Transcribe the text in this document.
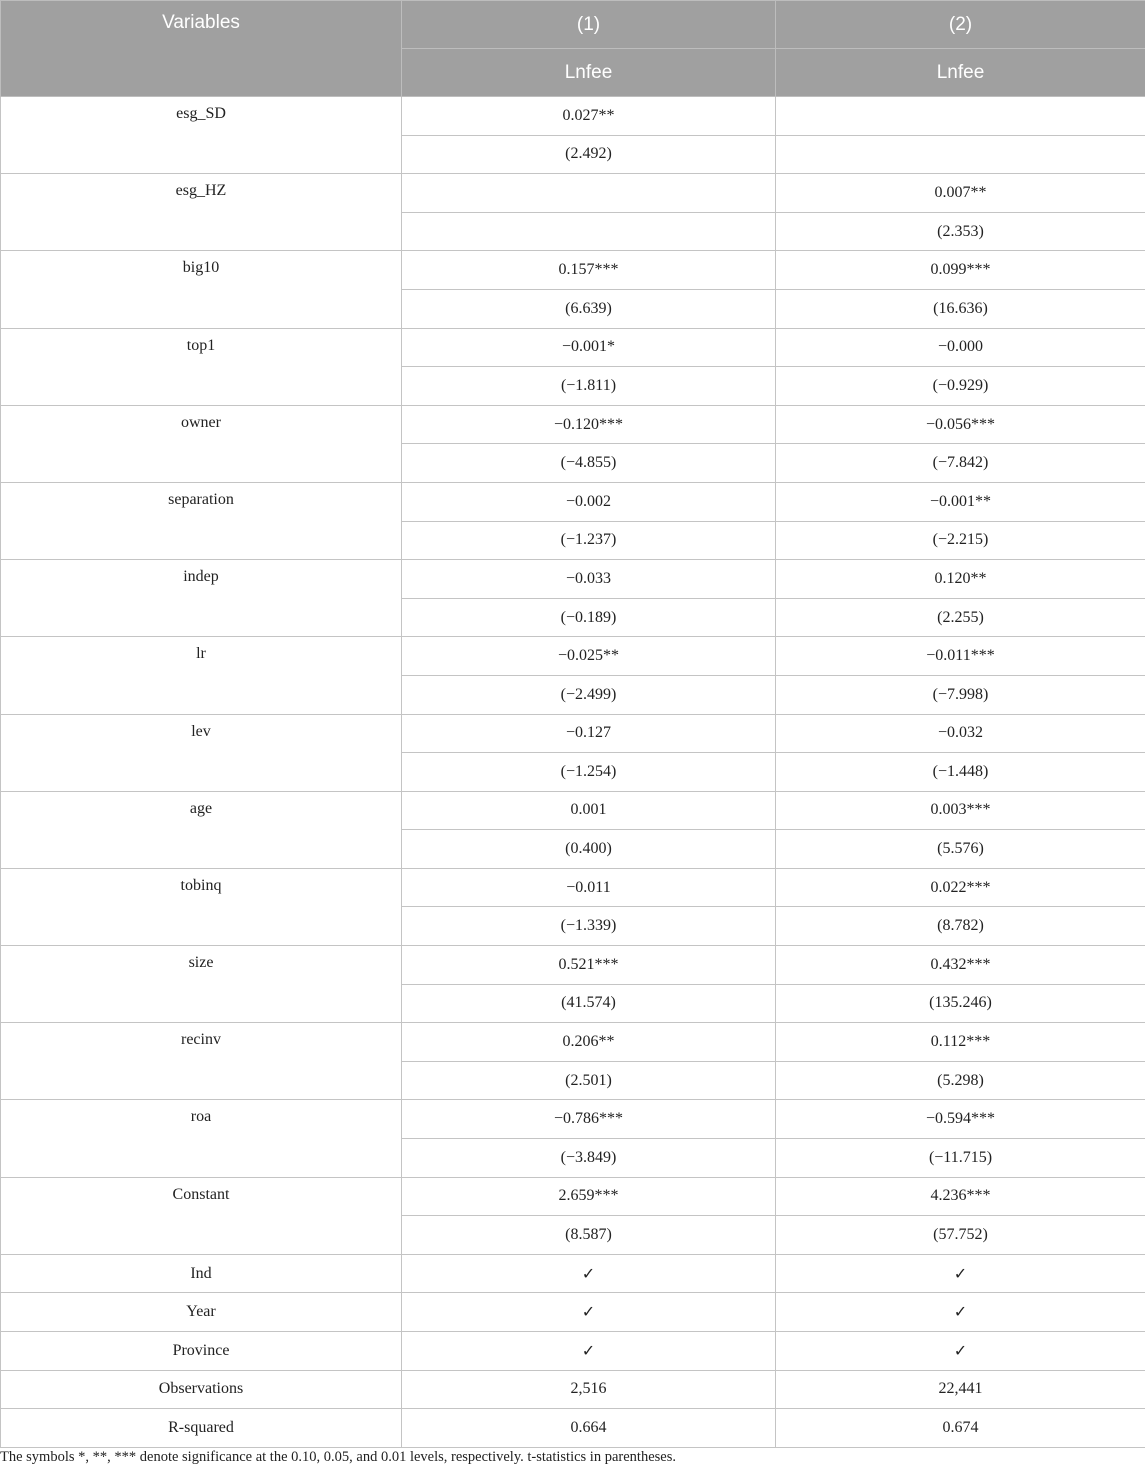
Variables	(1)	(2)
	Lnfee	Lnfee
esg_SD	0.027**	
	(2.492)	
esg_HZ		0.007**
		(2.353)
big10	0.157***	0.099***
	(6.639)	(16.636)
top1	−0.001*	−0.000
	(−1.811)	(−0.929)
owner	−0.120***	−0.056***
	(−4.855)	(−7.842)
separation	−0.002	−0.001**
	(−1.237)	(−2.215)
indep	−0.033	0.120**
	(−0.189)	(2.255)
lr	−0.025**	−0.011***
	(−2.499)	(−7.998)
lev	−0.127	−0.032
	(−1.254)	(−1.448)
age	0.001	0.003***
	(0.400)	(5.576)
tobinq	−0.011	0.022***
	(−1.339)	(8.782)
size	0.521***	0.432***
	(41.574)	(135.246)
recinv	0.206**	0.112***
	(2.501)	(5.298)
roa	−0.786***	−0.594***
	(−3.849)	(−11.715)
Constant	2.659***	4.236***
	(8.587)	(57.752)
Ind	✓	✓
Year	✓	✓
Province	✓	✓
Observations	2,516	22,441
R-squared	0.664	0.674
The symbols *, **, *** denote significance at the 0.10, 0.05, and 0.01 levels, respectively. t-statistics in parentheses.
